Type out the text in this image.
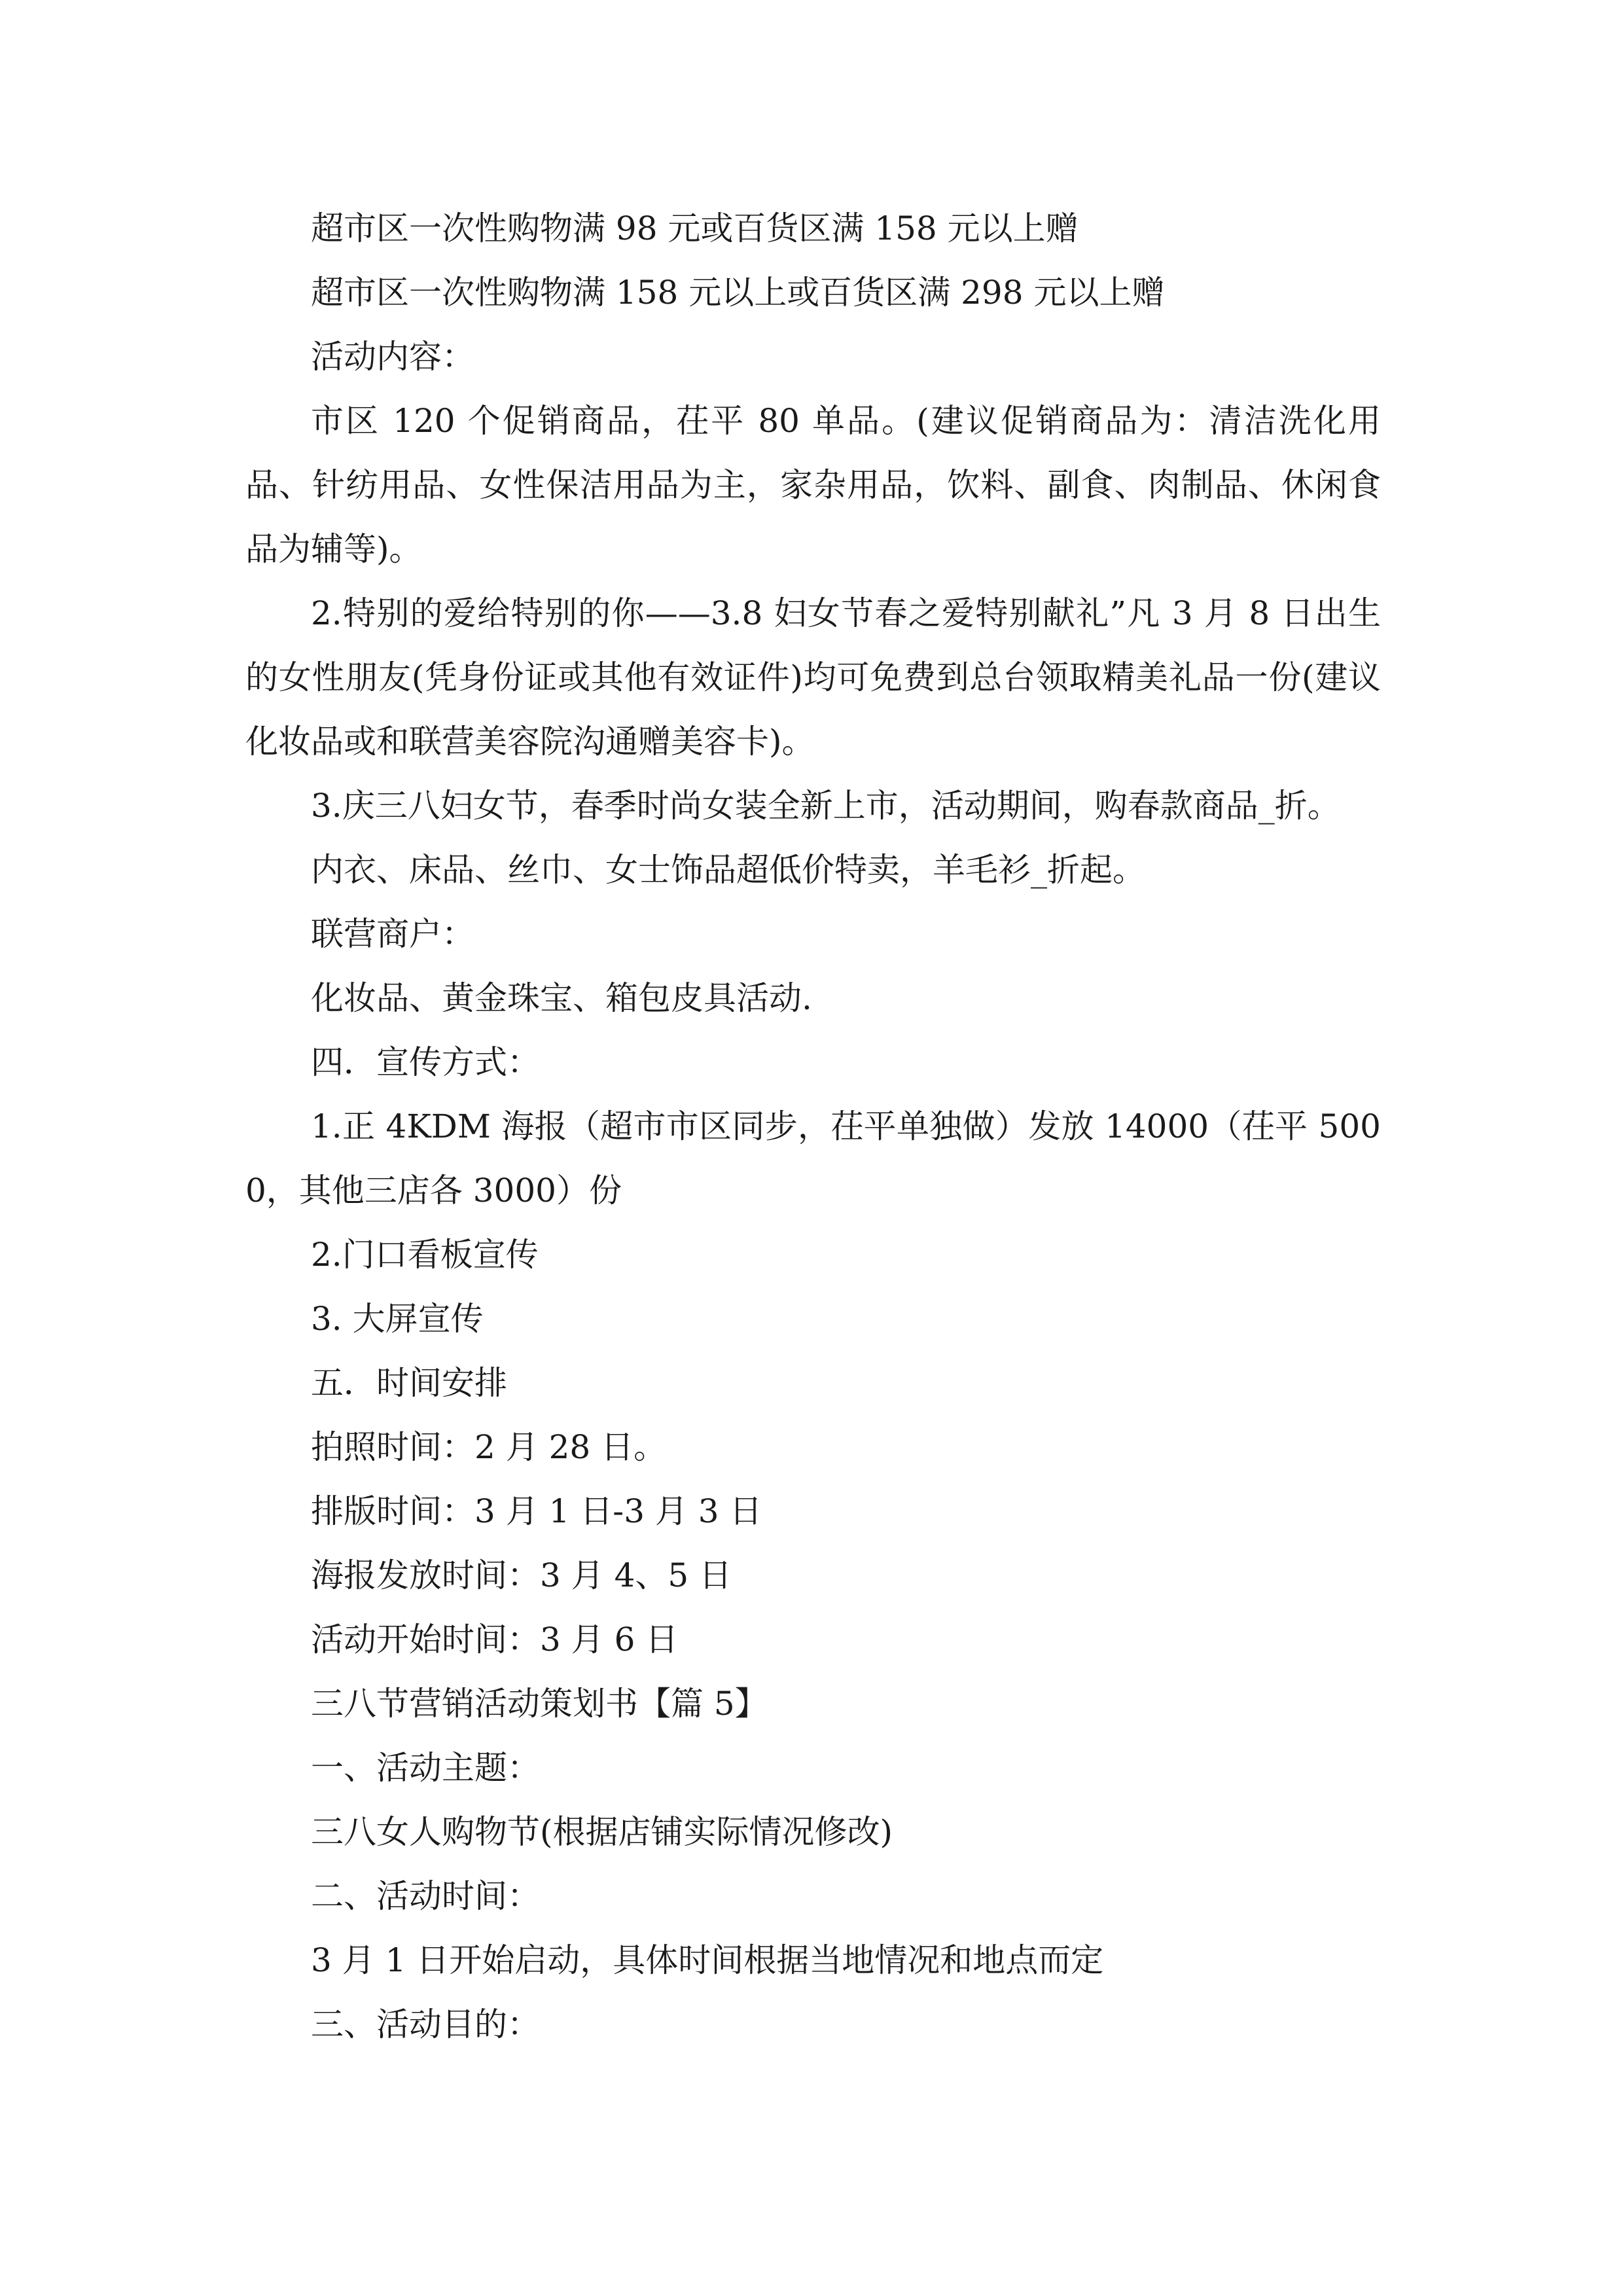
超市区一次性购物满 98 元或百货区满 158 元以上赠

超市区一次性购物满 158 元以上或百货区满 298 元以上赠

活动内容：

市区 120 个促销商品，茌平 80 单品。(建议促销商品为：清洁洗化用品、针纺用品、女性保洁用品为主，家杂用品，饮料、副食、肉制品、休闲食品为辅等)。

2.特别的爱给特别的你——3.8 妇女节春之爱特别献礼”凡 3 月 8 日出生的女性朋友(凭身份证或其他有效证件)均可免费到总台领取精美礼品一份(建议化妆品或和联营美容院沟通赠美容卡)。

3.庆三八妇女节，春季时尚女装全新上市，活动期间，购春款商品_折。

内衣、床品、丝巾、女士饰品超低价特卖，羊毛衫_折起。

联营商户：

化妆品、黄金珠宝、箱包皮具活动.

四．宣传方式：

1.正 4KDM 海报（超市市区同步，茌平单独做）发放 14000（茌平 5000，其他三店各 3000）份

2.门口看板宣传

3. 大屏宣传

五．时间安排

拍照时间：2 月 28 日。

排版时间：3 月 1 日-3 月 3 日

海报发放时间：3 月 4、5 日

活动开始时间：3 月 6 日

三八节营销活动策划书【篇 5】

一、活动主题：

三八女人购物节(根据店铺实际情况修改)

二、活动时间：

3 月 1 日开始启动，具体时间根据当地情况和地点而定

三、活动目的：
